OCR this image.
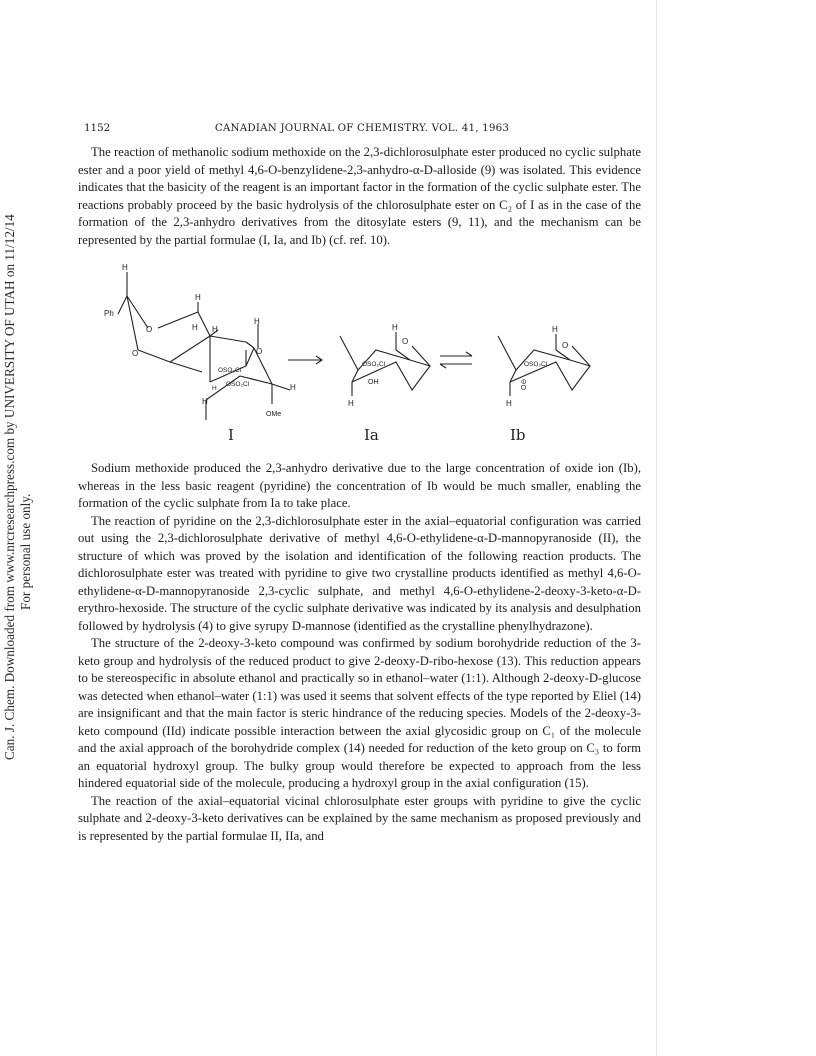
Can. J. Chem. Downloaded from www.nrcresearchpress.com by UNIVERSITY OF UTAH on 11/12/14 For personal use only.
1152	CANADIAN JOURNAL OF CHEMISTRY. VOL. 41, 1963

The reaction of methanolic sodium methoxide on the 2,3-dichlorosulphate ester produced no cyclic sulphate ester and a poor yield of methyl 4,6-O-benzylidene-2,3-anhydro-α-D-alloside (9) was isolated. This evidence indicates that the basicity of the reagent is an important factor in the formation of the cyclic sulphate ester. The reactions probably proceed by the basic hydrolysis of the chlorosulphate ester on C₂ of I as in the case of the formation of the 2,3-anhydro derivatives from the ditosylate esters (9, 11), and the mechanism can be represented by the partial formulae (I, Ia, and Ib) (cf. ref. 10).

H
Ph
O
O
H
H H
H
O
OSO₂Cl
H
OSO₂Cl	H
H
OMe
I
H
O
OSO₂Cl
OH
H
Ia
H
O
OSO₂Cl
O⊖
H
Ib

Sodium methoxide produced the 2,3-anhydro derivative due to the large concentration of oxide ion (Ib), whereas in the less basic reagent (pyridine) the concentration of Ib would be much smaller, enabling the formation of the cyclic sulphate from Ia to take place.

The reaction of pyridine on the 2,3-dichlorosulphate ester in the axial–equatorial configuration was carried out using the 2,3-dichlorosulphate derivative of methyl 4,6-O-ethylidene-α-D-mannopyranoside (II), the structure of which was proved by the isolation and identification of the following reaction products. The dichlorosulphate ester was treated with pyridine to give two crystalline products identified as methyl 4,6-O-ethylidene-α-D-mannopyranoside 2,3-cyclic sulphate, and methyl 4,6-O-ethylidene-2-deoxy-3-keto-α-D-erythro-hexoside. The structure of the cyclic sulphate derivative was indicated by its analysis and desulphation followed by hydrolysis (4) to give syrupy D-mannose (identified as the crystalline phenylhydrazone).

The structure of the 2-deoxy-3-keto compound was confirmed by sodium borohydride reduction of the 3-keto group and hydrolysis of the reduced product to give 2-deoxy-D-ribo-hexose (13). This reduction appears to be stereospecific in absolute ethanol and practically so in ethanol–water (1:1). Although 2-deoxy-D-glucose was detected when ethanol–water (1:1) was used it seems that solvent effects of the type reported by Eliel (14) are insignificant and that the main factor is steric hindrance of the reducing species. Models of the 2-deoxy-3-keto compound (IId) indicate possible interaction between the axial glycosidic group on C₁ of the molecule and the axial approach of the borohydride complex (14) needed for reduction of the keto group on C₃ to form an equatorial hydroxyl group. The bulky group would therefore be expected to approach from the less hindered equatorial side of the molecule, producing a hydroxyl group in the axial configuration (15).

The reaction of the axial–equatorial vicinal chlorosulphate ester groups with pyridine to give the cyclic sulphate and 2-deoxy-3-keto derivatives can be explained by the same mechanism as proposed previously and is represented by the partial formulae II, IIa, and
